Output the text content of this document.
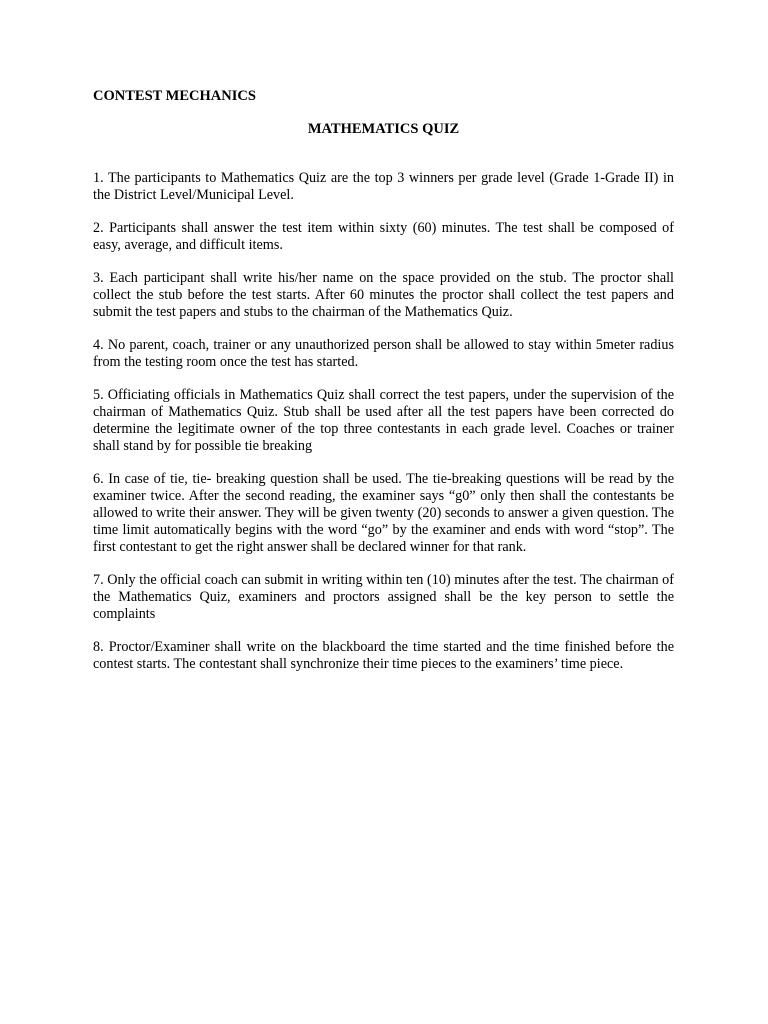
CONTEST MECHANICS

MATHEMATICS QUIZ

1. The participants to Mathematics Quiz are the top 3 winners per grade level (Grade 1-Grade II) in the District Level/Municipal Level.

2. Participants shall answer the test item within sixty (60) minutes. The test shall be composed of easy, average, and difficult items.

3. Each participant shall write his/her name on the space provided on the stub. The proctor shall collect the stub before the test starts. After 60 minutes the proctor shall collect the test papers and submit the test papers and stubs to the chairman of the Mathematics Quiz.

4. No parent, coach, trainer or any unauthorized person shall be allowed to stay within 5meter radius from the testing room once the test has started.

5. Officiating officials in Mathematics Quiz shall correct the test papers, under the supervision of the chairman of Mathematics Quiz. Stub shall be used after all the test papers have been corrected do determine the legitimate owner of the top three contestants in each grade level. Coaches or trainer shall stand by for possible tie breaking

6. In case of tie, tie- breaking question shall be used. The tie-breaking questions will be read by the examiner twice. After the second reading, the examiner says “g0” only then shall the contestants be allowed to write their answer. They will be given twenty (20) seconds to answer a given question. The time limit automatically begins with the word “go” by the examiner and ends with word “stop”. The first contestant to get the right answer shall be declared winner for that rank.

7. Only the official coach can submit in writing within ten (10) minutes after the test. The chairman of the Mathematics Quiz, examiners and proctors assigned shall be the key person to settle the complaints

8. Proctor/Examiner shall write on the blackboard the time started and the time finished before the contest starts. The contestant shall synchronize their time pieces to the examiners’ time piece.
